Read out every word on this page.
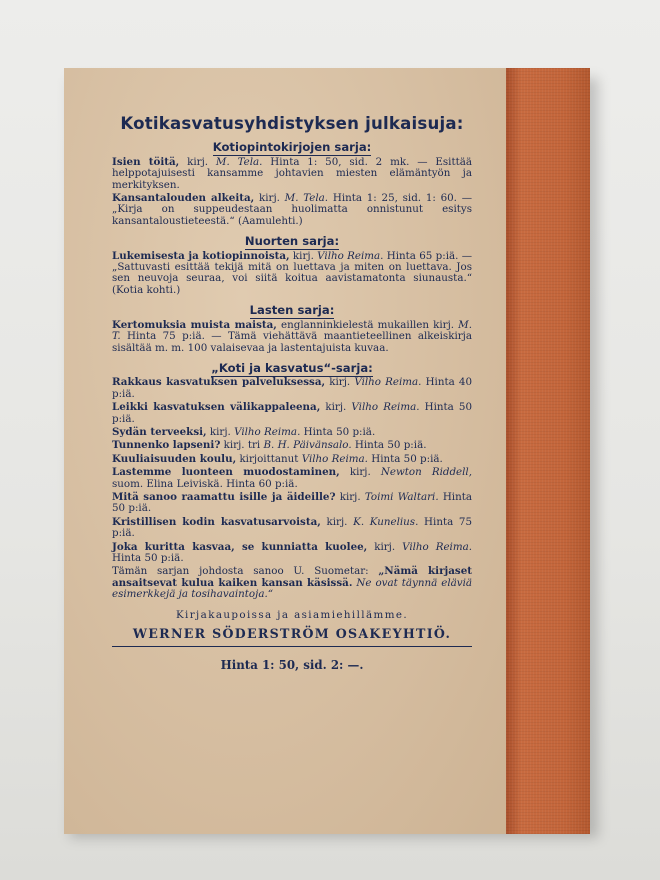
Kotikasvatusyhdistyksen julkaisuja:
Kotiopintokirjojen sarja:
Isien töitä, kirj. M. Tela. Hinta 1: 50, sid. 2 mk. — Esittää helppotajuisesti kansamme johtavien miesten elämäntyön ja merkityksen.
Kansantalouden alkeita, kirj. M. Tela. Hinta 1: 25, sid. 1: 60. — „Kirja on suppeudestaan huolimatta onnistunut esitys kansantaloustieteestä.“ (Aamulehti.)
Nuorten sarja:
Lukemisesta ja kotiopinnoista, kirj. Vilho Reima. Hinta 65 p:iä. — „Sattuvasti esittää tekijä mitä on luettava ja miten on luettava. Jos sen neuvoja seuraa, voi siitä koitua aavistamatonta siunausta.“ (Kotia kohti.)
Lasten sarja:
Kertomuksia muista maista, englanninkielestä mukaillen kirj. M. T. Hinta 75 p:iä. — Tämä viehättävä maantieteellinen alkeiskirja sisältää m. m. 100 valaisevaa ja lastentajuista kuvaa.
„Koti ja kasvatus“-sarja:
Rakkaus kasvatuksen palveluksessa, kirj. Vilho Reima. Hinta 40 p:iä.
Leikki kasvatuksen välikappaleena, kirj. Vilho Reima. Hinta 50 p:iä.
Sydän terveeksi, kirj. Vilho Reima. Hinta 50 p:iä.
Tunnenko lapseni? kirj. tri B. H. Päivänsalo. Hinta 50 p:iä.
Kuuliaisuuden koulu, kirjoittanut Vilho Reima. Hinta 50 p:iä.
Lastemme luonteen muodostaminen, kirj. Newton Riddell, suom. Elina Leiviskä. Hinta 60 p:iä.
Mitä sanoo raamattu isille ja äideille? kirj. Toimi Waltari. Hinta 50 p:iä.
Kristillisen kodin kasvatusarvoista, kirj. K. Kunelius. Hinta 75 p:iä.
Joka kuritta kasvaa, se kunniatta kuolee, kirj. Vilho Reima. Hinta 50 p:iä.
Tämän sarjan johdosta sanoo U. Suometar: „Nämä kirjaset ansaitsevat kulua kaiken kansan käsissä. Ne ovat täynnä eläviä esimerkkejä ja tosihavaintoja.“
Kirjakaupoissa ja asiamiehillämme.
WERNER SÖDERSTRÖM OSAKEYHTIÖ.
Hinta 1: 50, sid. 2: —.
